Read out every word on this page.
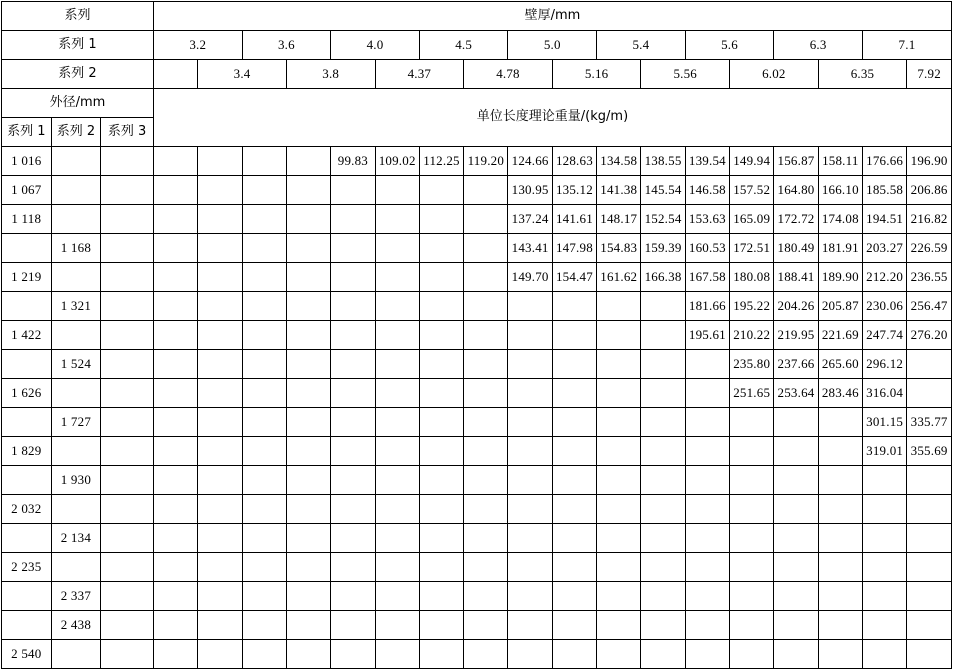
系列			壁厚/mm																	
系列 1			3.2		3.6		4.0		4.5		5.0		5.4		5.6		6.3		7.1	
系列 2				3.4		3.8		4.37		4.78		5.16		5.56		6.02		6.35		7.92
外径/mm			单位长度理论重量/(kg/m)																	
系列 1	系列 2	系列 3																		
1 016							99.83	109.02	112.25	119.20	124.66	128.63	134.58	138.55	139.54	149.94	156.87	158.11	176.66	196.90
1 067											130.95	135.12	141.38	145.54	146.58	157.52	164.80	166.10	185.58	206.86
1 118											137.24	141.61	148.17	152.54	153.63	165.09	172.72	174.08	194.51	216.82
	1 168										143.41	147.98	154.83	159.39	160.53	172.51	180.49	181.91	203.27	226.59
1 219											149.70	154.47	161.62	166.38	167.58	180.08	188.41	189.90	212.20	236.55
	1 321														181.66	195.22	204.26	205.87	230.06	256.47
1 422															195.61	210.22	219.95	221.69	247.74	276.20
	1 524															235.80	237.66	265.60	296.12	
1 626																251.65	253.64	283.46	316.04	
	1 727																		301.15	335.77
1 829																			319.01	355.69
	1 930																			
2 032																				
	2 134																			
2 235																				
	2 337																			
	2 438																			
2 540																				
